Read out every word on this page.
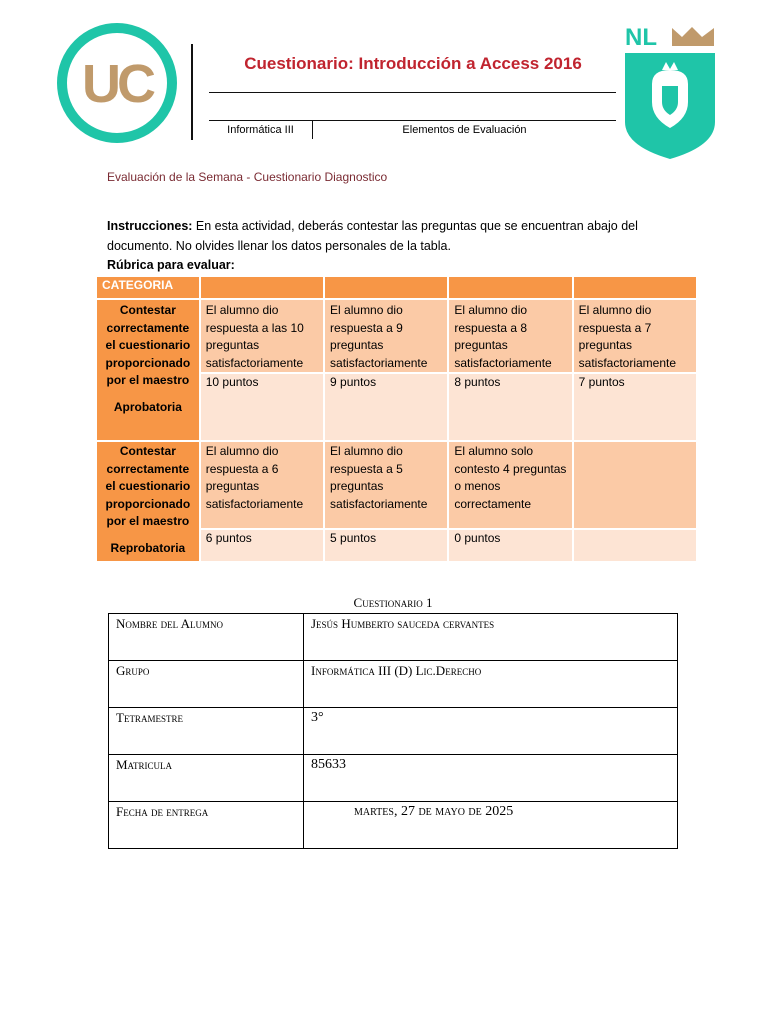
UC	Cuestionario: Introducción a Access 2016
Informática III	Elementos de Evaluación
NL
Evaluación de la Semana - Cuestionario Diagnostico
Instrucciones: En esta actividad, deberás contestar las preguntas que se encuentran abajo del documento. No olvides llenar los datos personales de la tabla.
Rúbrica para evaluar:
CATEGORIA				
Contestar correctamente el cuestionario proporcionado por el maestro
Aprobatoria	El alumno dio respuesta a las 10 preguntas satisfactoriamente	El alumno dio respuesta a 9 preguntas satisfactoriamente	El alumno dio respuesta a 8 preguntas satisfactoriamente	El alumno dio respuesta a 7 preguntas satisfactoriamente
	10 puntos	9 puntos	8 puntos	7 puntos
Contestar correctamente el cuestionario proporcionado por el maestro
Reprobatoria	El alumno dio respuesta a 6 preguntas satisfactoriamente	El alumno dio respuesta a 5 preguntas satisfactoriamente	El alumno solo contesto 4 preguntas o menos correctamente	
	6 puntos	5 puntos	0 puntos	
Cuestionario 1
Nombre del Alumno	Jesús Humberto sauceda cervantes
Grupo	Informática III (D) Lic.Derecho
Tetramestre	3°
Matricula	85633
Fecha de entrega	martes, 27 de mayo de 2025
